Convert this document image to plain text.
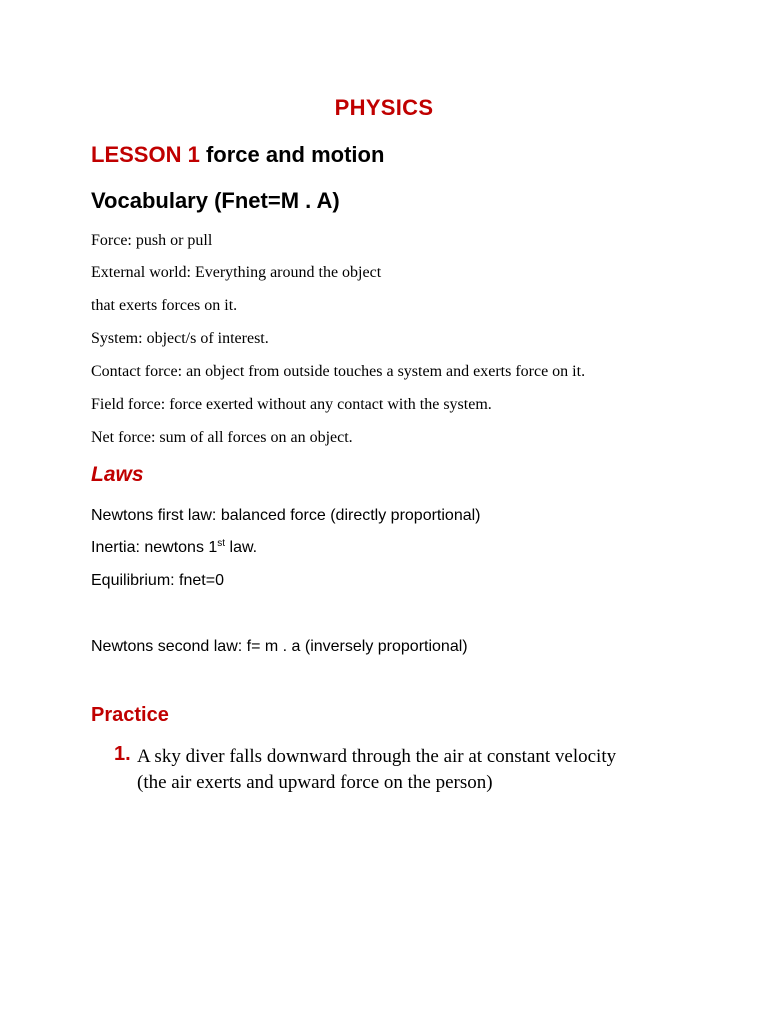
PHYSICS
LESSON 1 force and motion
Vocabulary (Fnet=M . A)
Force: push or pull
External world: Everything around the object
that exerts forces on it.
System: object/s of interest.
Contact force: an object from outside touches a system and exerts force on it.
Field force: force exerted without any contact with the system.
Net force: sum of all forces on an object.
Laws
Newtons first law: balanced force (directly proportional)
Inertia: newtons 1st law.
Equilibrium: fnet=0
Newtons second law: f= m . a (inversely proportional)
Practice
1. A sky diver falls downward through the air at constant velocity
(the air exerts and upward force on the person)
